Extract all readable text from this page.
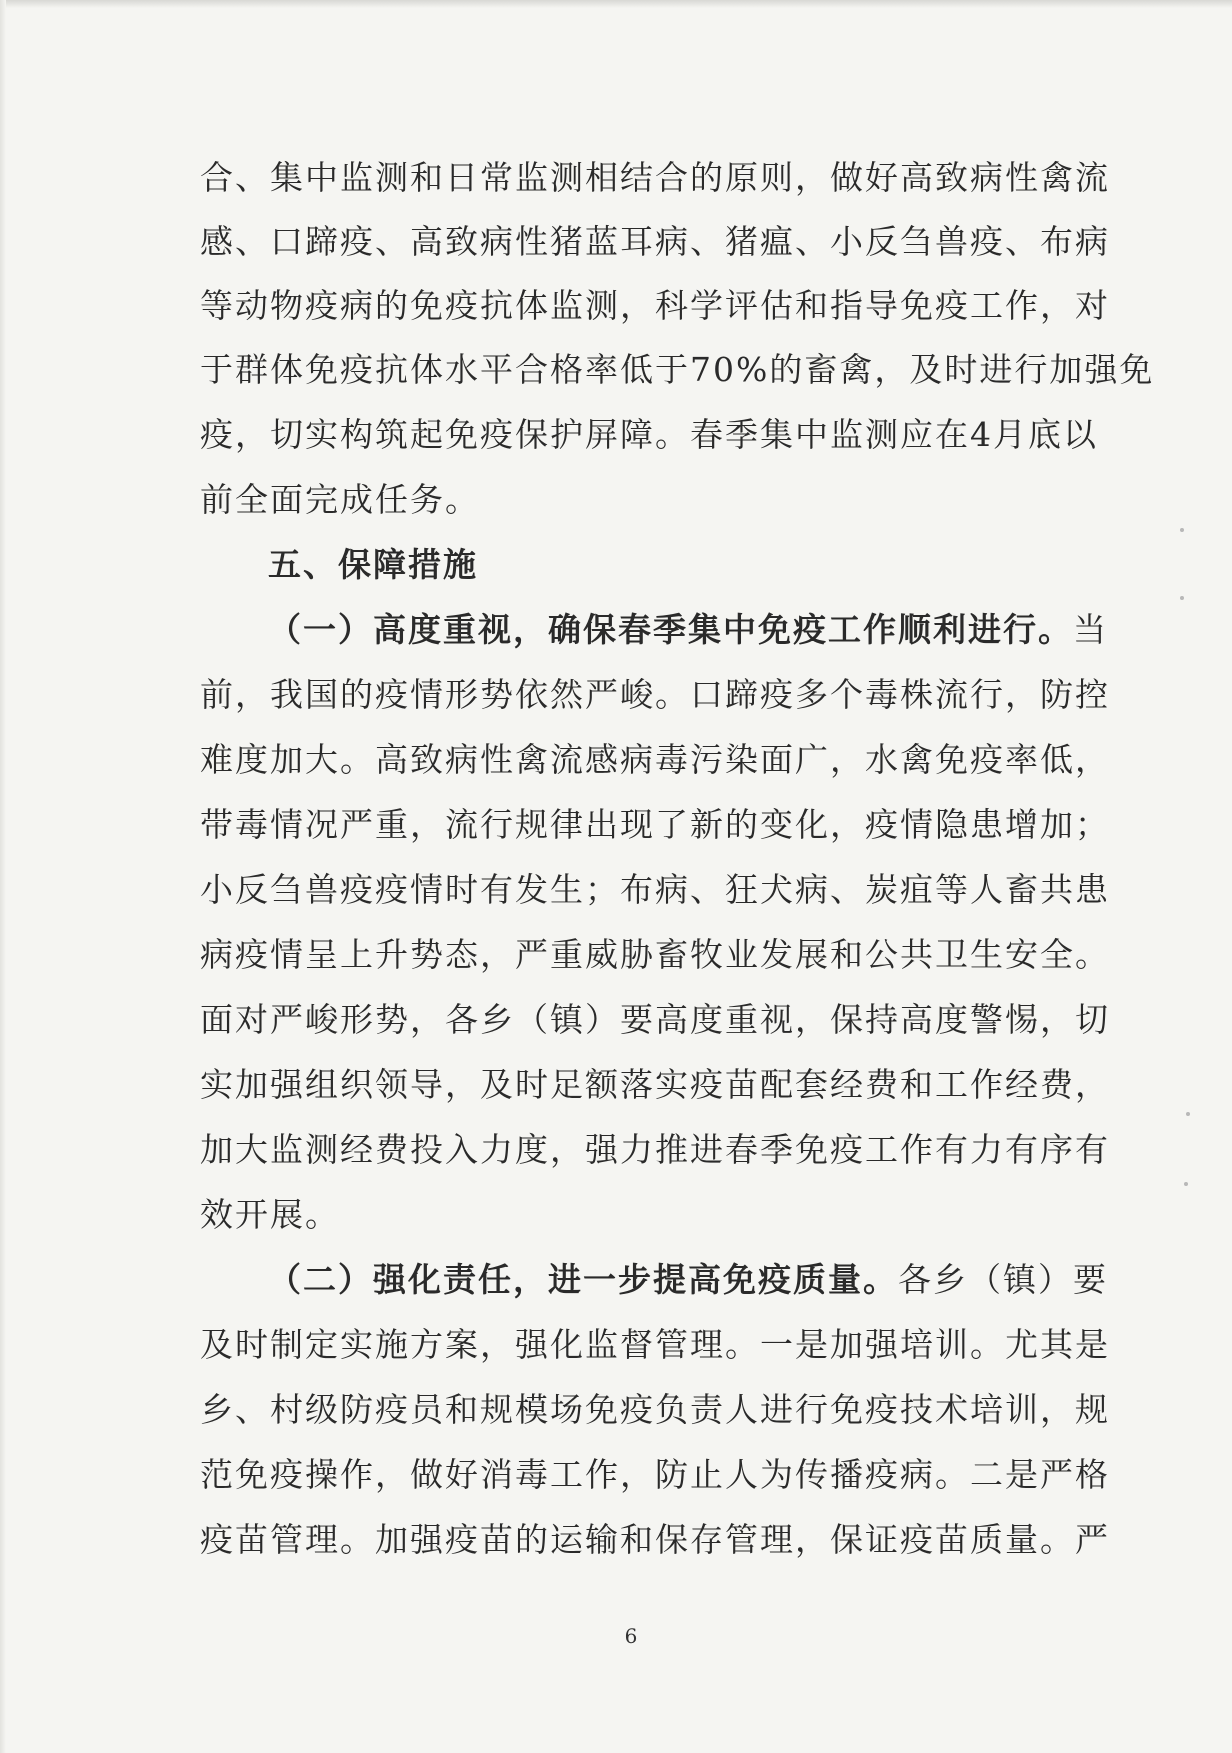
合、集中监测和日常监测相结合的原则，做好高致病性禽流
感、口蹄疫、高致病性猪蓝耳病、猪瘟、小反刍兽疫、布病
等动物疫病的免疫抗体监测，科学评估和指导免疫工作，对
于群体免疫抗体水平合格率低于70%的畜禽，及时进行加强免
疫，切实构筑起免疫保护屏障。春季集中监测应在4月底以
前全面完成任务。
五、保障措施
（一）高度重视，确保春季集中免疫工作顺利进行。当
前，我国的疫情形势依然严峻。口蹄疫多个毒株流行，防控
难度加大。高致病性禽流感病毒污染面广，水禽免疫率低，
带毒情况严重，流行规律出现了新的变化，疫情隐患增加；
小反刍兽疫疫情时有发生；布病、狂犬病、炭疽等人畜共患
病疫情呈上升势态，严重威胁畜牧业发展和公共卫生安全。
面对严峻形势，各乡（镇）要高度重视，保持高度警惕，切
实加强组织领导，及时足额落实疫苗配套经费和工作经费，
加大监测经费投入力度，强力推进春季免疫工作有力有序有
效开展。
（二）强化责任，进一步提高免疫质量。各乡（镇）要
及时制定实施方案，强化监督管理。一是加强培训。尤其是
乡、村级防疫员和规模场免疫负责人进行免疫技术培训，规
范免疫操作，做好消毒工作，防止人为传播疫病。二是严格
疫苗管理。加强疫苗的运输和保存管理，保证疫苗质量。严
6
